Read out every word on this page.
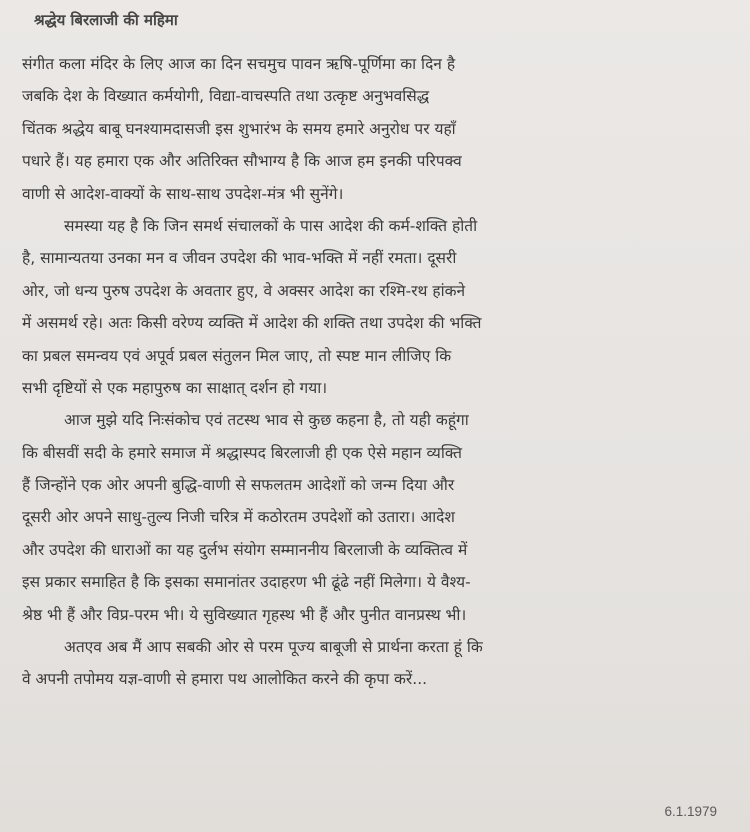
श्रद्धेय बिरलाजी की महिमा
संगीत कला मंदिर के लिए आज का दिन सचमुच पावन ऋषि-पूर्णिमा का दिन है
जबकि देश के विख्यात कर्मयोगी, विद्या-वाचस्पति तथा उत्कृष्ट अनुभवसिद्ध
चिंतक श्रद्धेय बाबू घनश्यामदासजी इस शुभारंभ के समय हमारे अनुरोध पर यहाँ
पधारे हैं। यह हमारा एक और अतिरिक्त सौभाग्य है कि आज हम इनकी परिपक्व
वाणी से आदेश-वाक्यों के साथ-साथ उपदेश-मंत्र भी सुनेंगे।
समस्या यह है कि जिन समर्थ संचालकों के पास आदेश की कर्म-शक्ति होती
है, सामान्यतया उनका मन व जीवन उपदेश की भाव-भक्ति में नहीं रमता। दूसरी
ओर, जो धन्य पुरुष उपदेश के अवतार हुए, वे अक्सर आदेश का रश्मि-रथ हांकने
में असमर्थ रहे। अतः किसी वरेण्य व्यक्ति में आदेश की शक्ति तथा उपदेश की भक्ति
का प्रबल समन्वय एवं अपूर्व प्रबल संतुलन मिल जाए, तो स्पष्ट मान लीजिए कि
सभी दृष्टियों से एक महापुरुष का साक्षात् दर्शन हो गया।
आज मुझे यदि निःसंकोच एवं तटस्थ भाव से कुछ कहना है, तो यही कहूंगा
कि बीसवीं सदी के हमारे समाज में श्रद्धास्पद बिरलाजी ही एक ऐसे महान व्यक्ति
हैं जिन्होंने एक ओर अपनी बुद्धि-वाणी से सफलतम आदेशों को जन्म दिया और
दूसरी ओर अपने साधु-तुल्य निजी चरित्र में कठोरतम उपदेशों को उतारा। आदेश
और उपदेश की धाराओं का यह दुर्लभ संयोग सम्माननीय बिरलाजी के व्यक्तित्व में
इस प्रकार समाहित है कि इसका समानांतर उदाहरण भी ढूंढे नहीं मिलेगा। ये वैश्य-
श्रेष्ठ भी हैं और विप्र-परम भी। ये सुविख्यात गृहस्थ भी हैं और पुनीत वानप्रस्थ भी।
अतएव अब मैं आप सबकी ओर से परम पूज्य बाबूजी से प्रार्थना करता हूं कि
वे अपनी तपोमय यज्ञ-वाणी से हमारा पथ आलोकित करने की कृपा करें...
6.1.1979
